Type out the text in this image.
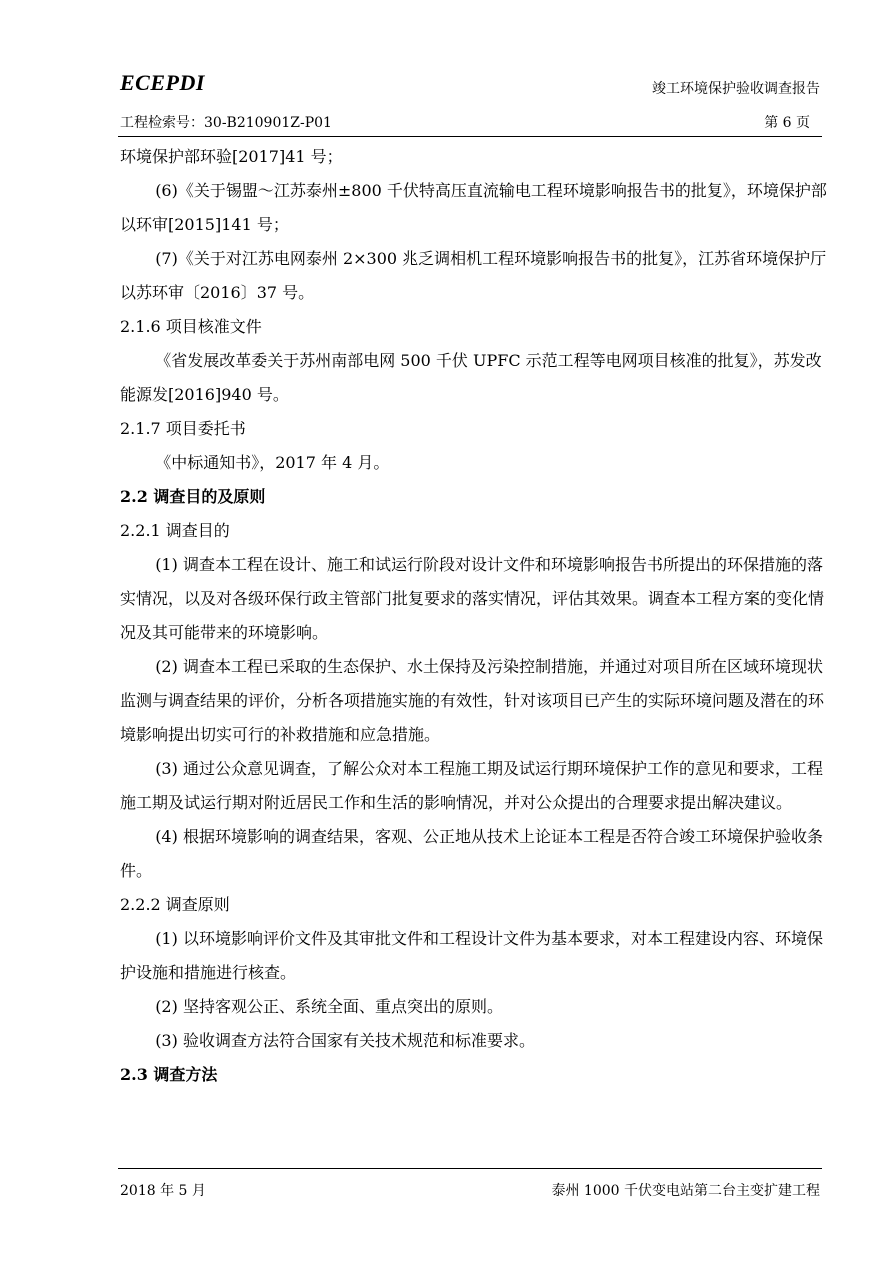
ECEPDI	竣工环境保护验收调查报告
工程检索号：30-B210901Z-P01	第 6 页

环境保护部环验[2017]41 号；

(6)《关于锡盟～江苏泰州±800 千伏特高压直流输电工程环境影响报告书的批复》，环境保护部以环审[2015]141 号；

(7)《关于对江苏电网泰州 2×300 兆乏调相机工程环境影响报告书的批复》，江苏省环境保护厅以苏环审〔2016〕37 号。

2.1.6 项目核准文件

《省发展改革委关于苏州南部电网 500 千伏 UPFC 示范工程等电网项目核准的批复》，苏发改能源发[2016]940 号。

2.1.7 项目委托书

《中标通知书》，2017 年 4 月。

2.2 调查目的及原则

2.2.1 调查目的

(1) 调查本工程在设计、施工和试运行阶段对设计文件和环境影响报告书所提出的环保措施的落实情况，以及对各级环保行政主管部门批复要求的落实情况，评估其效果。调查本工程方案的变化情况及其可能带来的环境影响。

(2) 调查本工程已采取的生态保护、水土保持及污染控制措施，并通过对项目所在区域环境现状监测与调查结果的评价，分析各项措施实施的有效性，针对该项目已产生的实际环境问题及潜在的环境影响提出切实可行的补救措施和应急措施。

(3) 通过公众意见调查，了解公众对本工程施工期及试运行期环境保护工作的意见和要求，工程施工期及试运行期对附近居民工作和生活的影响情况，并对公众提出的合理要求提出解决建议。

(4) 根据环境影响的调查结果，客观、公正地从技术上论证本工程是否符合竣工环境保护验收条件。

2.2.2 调查原则

(1) 以环境影响评价文件及其审批文件和工程设计文件为基本要求，对本工程建设内容、环境保护设施和措施进行核查。

(2) 坚持客观公正、系统全面、重点突出的原则。

(3) 验收调查方法符合国家有关技术规范和标准要求。

2.3 调查方法

2018 年 5 月	泰州 1000 千伏变电站第二台主变扩建工程
